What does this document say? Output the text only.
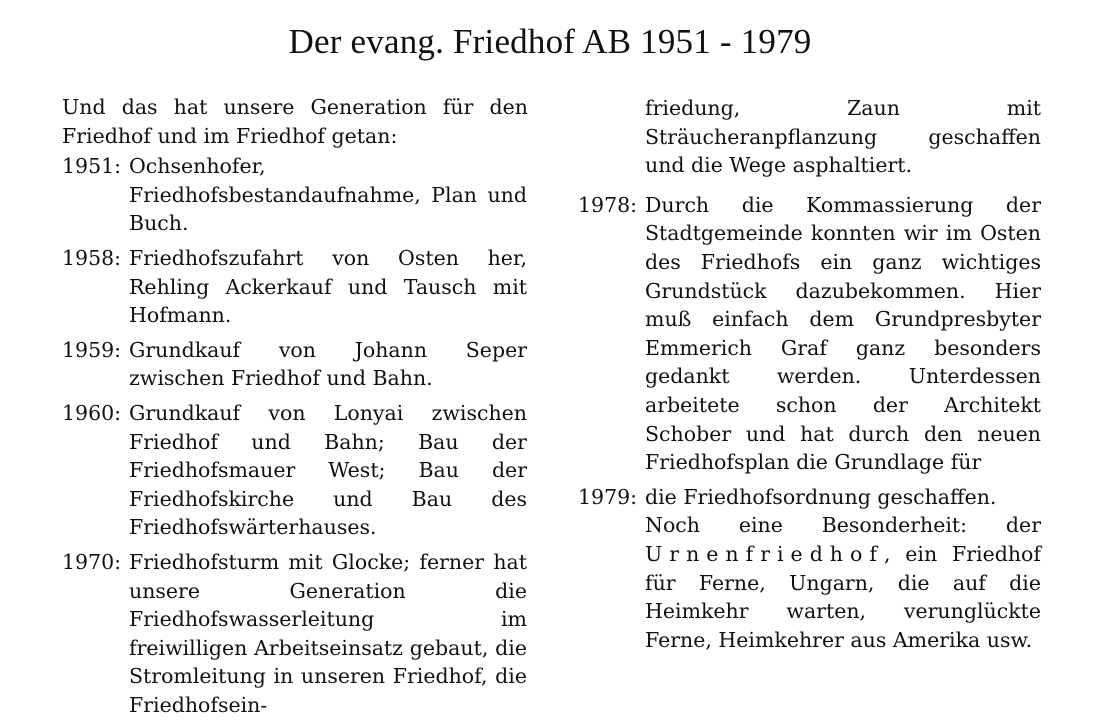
Der evang. Friedhof AB 1951 - 1979

Und das hat unsere Generation für den Friedhof und im Friedhof getan:

1951: Ochsenhofer, Friedhofsbestandaufnahme, Plan und Buch.
1958: Friedhofszufahrt von Osten her, Rehling Ackerkauf und Tausch mit Hofmann.
1959: Grundkauf von Johann Seper zwischen Friedhof und Bahn.
1960: Grundkauf von Lonyai zwischen Friedhof und Bahn; Bau der Friedhofsmauer West; Bau der Friedhofskirche und Bau des Friedhofswärterhauses.
1970: Friedhofsturm mit Glocke; ferner hat unsere Generation die Friedhofswasserleitung im freiwilligen Arbeitseinsatz gebaut, die Stromleitung in unseren Friedhof, die Friedhofsein-

friedung, Zaun mit Sträucheranpflanzung geschaffen und die Wege asphaltiert.

1978: Durch die Kommassierung der Stadtgemeinde konnten wir im Osten des Friedhofs ein ganz wichtiges Grundstück dazubekommen. Hier muß einfach dem Grundpresbyter Emmerich Graf ganz besonders gedankt werden. Unterdessen arbeitete schon der Architekt Schober und hat durch den neuen Friedhofsplan die Grundlage für
1979: die Friedhofsordnung geschaffen.
Noch eine Besonderheit: der Urnenfriedhof, ein Friedhof für Ferne, Ungarn, die auf die Heimkehr warten, verunglückte Ferne, Heimkehrer aus Amerika usw.
